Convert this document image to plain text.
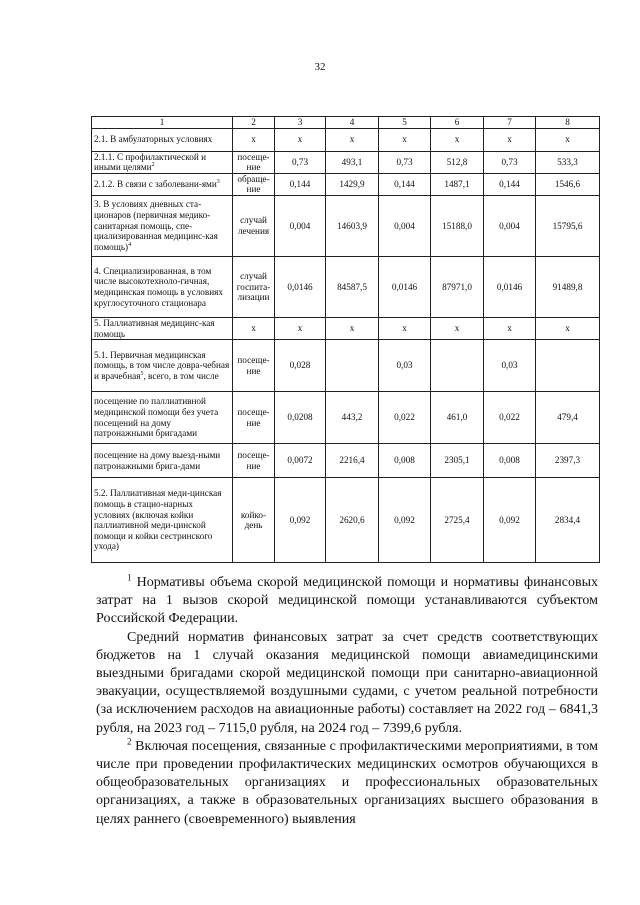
32
1	2	3	4	5	6	7	8
2.1. В амбулаторных условиях	х	х	х	х	х	х	х
2.1.1. С профилактической и иными целями$^2$	посеще-ние	0,73	493,1	0,73	512,8	0,73	533,3
2.1.2. В связи с заболевани-ями$^3$	обраще-ние	0,144	1429,9	0,144	1487,1	0,144	1546,6
3. В условиях дневных ста-ционаров (первичная медико-санитарная помощь, спе-циализированная медицинс-кая помощь)$^4$	случай лечения	0,004	14603,9	0,004	15188,0	0,004	15795,6
4. Специализированная, в том числе высокотехноло-гичная, медицинская помощь в условиях круглосуточного стационара	случай госпита-лизации	0,0146	84587,5	0,0146	87971,0	0,0146	91489,8
5. Паллиативная медицинс-кая помощь	х	х	х	х	х	х	х
5.1. Первичная медицинская помощь, в том числе довра-чебная и врачебная$^5$, всего, в том числе	посеще-ние	0,028		0,03		0,03	
посещение по паллиативной медицинской помощи без учета посещений на дому патронажными бригадами	посеще-ние	0,0208	443,2	0,022	461,0	0,022	479,4
посещение на дому выезд-ными патронажными брига-дами	посеще-ние	0,0072	2216,4	0,008	2305,1	0,008	2397,3
5.2. Паллиативная меди-цинская помощь в стацио-нарных условиях (включая койки паллиативной меди-цинской помощи и койки сестринского ухода)	койко-день	0,092	2620,6	0,092	2725,4	0,092	2834,4

$^1$ Нормативы объема скорой медицинской помощи и нормативы финансовых затрат на 1 вызов скорой медицинской помощи устанавливаются субъектом Российской Федерации.

Средний норматив финансовых затрат за счет средств соответствующих бюджетов на 1 случай оказания медицинской помощи авиамедицинскими выездными бригадами скорой медицинской помощи при санитарно-авиационной эвакуации, осуществляемой воздушными судами, с учетом реальной потребности (за исключением расходов на авиационные работы) составляет на 2022 год – 6841,3 рубля, на 2023 год – 7115,0 рубля, на 2024 год – 7399,6 рубля.

$^2$ Включая посещения, связанные с профилактическими мероприятиями, в том числе при проведении профилактических медицинских осмотров обучающихся в общеобразовательных организациях и профессиональных образовательных организациях, а также в образовательных организациях высшего образования в целях раннего (своевременного) выявления
